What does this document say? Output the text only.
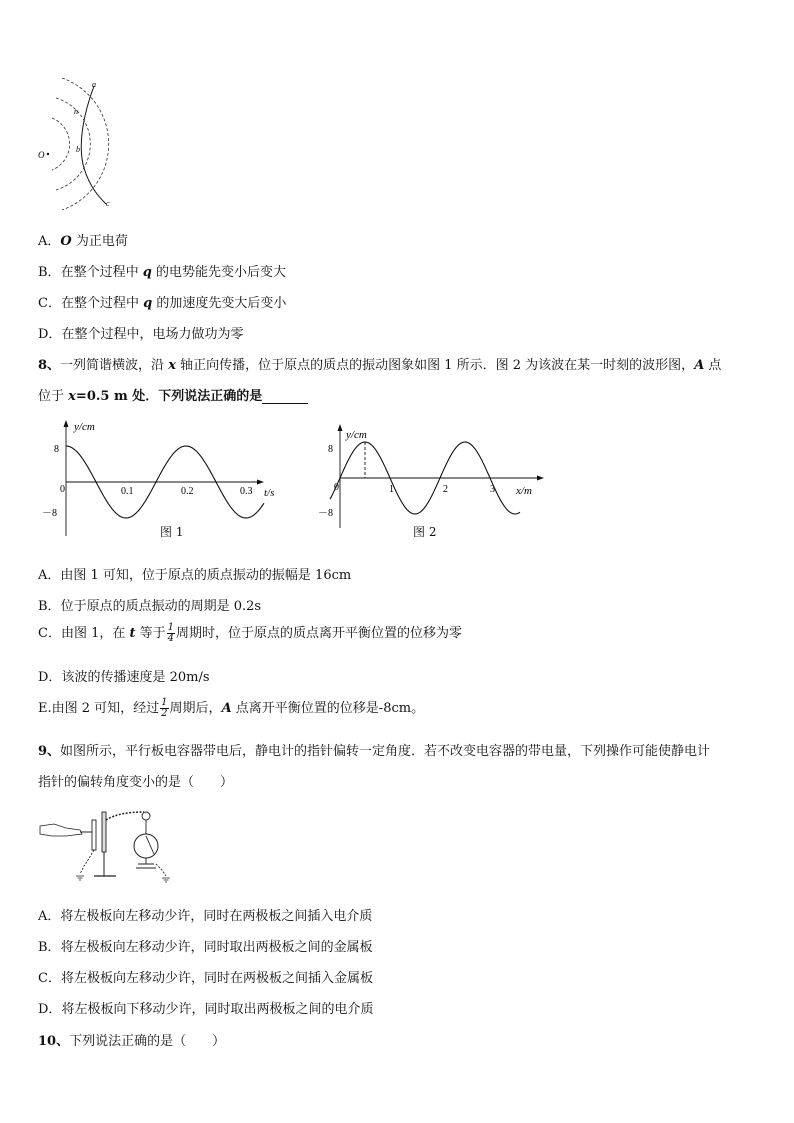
O
a
n
b
c
A．O 为正电荷
B．在整个过程中 q 的电势能先变小后变大
C．在整个过程中 q 的加速度先变大后变小
D．在整个过程中，电场力做功为零
8、一列简谐横波，沿 x 轴正向传播，位于原点的质点的振动图象如图 1 所示．图 2 为该波在某一时刻的波形图，A 点
位于 x=0.5 m 处．下列说法正确的是
y/cm
t/s
0
8
－8
0.1	0.2	0.3
图 1
y/cm
x/m
0
8
－8
1	2	3
图 2
A．由图 1 可知，位于原点的质点振动的振幅是 16cm
B．位于原点的质点振动的周期是 0.2s
C．由图 1，在 t 等于 $\frac{1}{4}$ 周期时，位于原点的质点离开平衡位置的位移为零
D．该波的传播速度是 20m/s
E.由图 2 可知，经过 $\frac{1}{2}$ 周期后，A 点离开平衡位置的位移是-8cm。
9、如图所示，平行板电容器带电后，静电计的指针偏转一定角度．若不改变电容器的带电量，下列操作可能使静电计
指针的偏转角度变小的是（　　）
A．将左极板向左移动少许，同时在两极板之间插入电介质
B．将左极板向左移动少许，同时取出两极板之间的金属板
C．将左极板向左移动少许，同时在两极板之间插入金属板
D．将左极板向下移动少许，同时取出两极板之间的电介质
10、下列说法正确的是（　　）
